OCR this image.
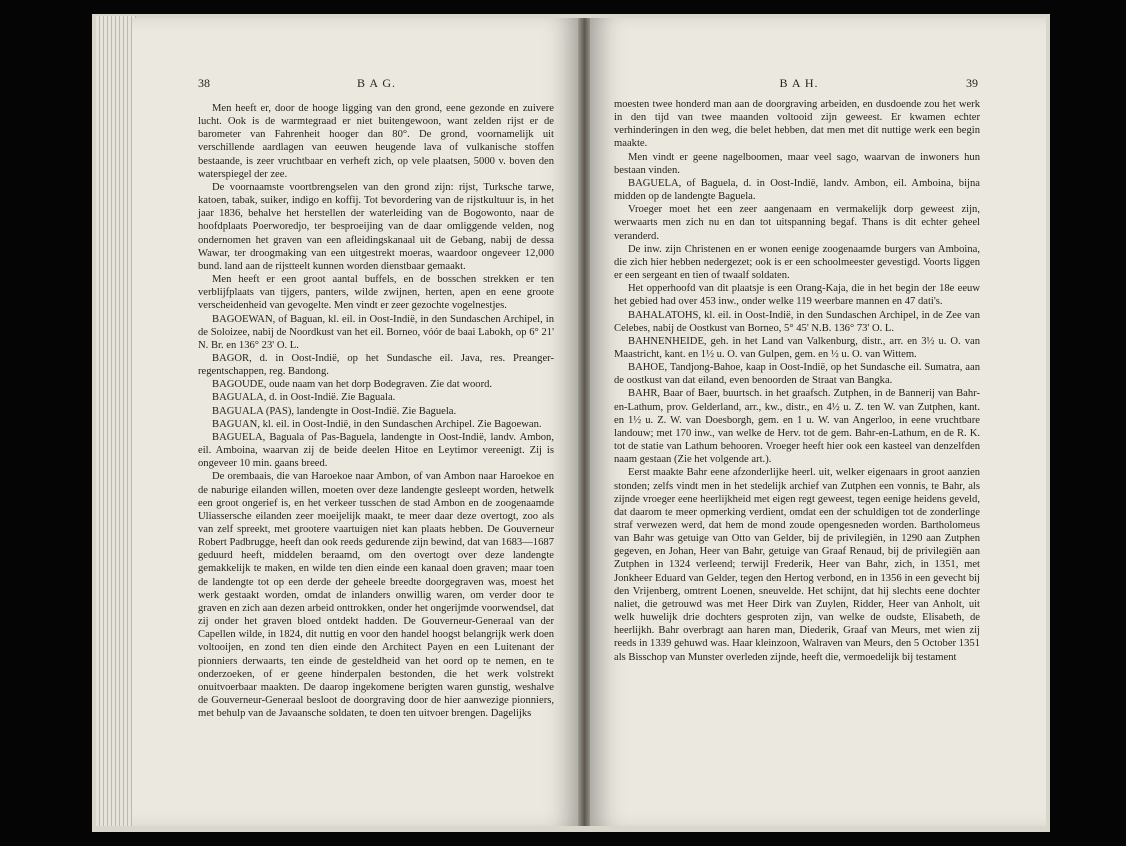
38	B A G.

Men heeft er, door de hooge ligging van den grond, eene gezonde en zuivere lucht. Ook is de warmtegraad er niet buitengewoon, want zelden rijst er de barometer van Fahrenheit hooger dan 80°. De grond, voornamelijk uit verschillende aardlagen van eeuwen heugende lava of vulkanische stoffen bestaande, is zeer vruchtbaar en verheft zich, op vele plaatsen, 5000 v. boven den waterspiegel der zee.

De voornaamste voortbrengselen van den grond zijn: rijst, Turksche tarwe, katoen, tabak, suiker, indigo en koffij. Tot bevordering van de rijstkultuur is, in het jaar 1836, behalve het herstellen der waterleiding van de Bogowonto, naar de hoofdplaats Poerworedjo, ter besproeijing van de daar omliggende velden, nog ondernomen het graven van een afleidingskanaal uit de Gebang, nabij de dessa Wawar, ter droogmaking van een uitgestrekt moeras, waardoor ongeveer 12,000 bund. land aan de rijstteelt kunnen worden dienstbaar gemaakt.

Men heeft er een groot aantal buffels, en de bosschen strekken er ten verblijfplaats van tijgers, panters, wilde zwijnen, herten, apen en eene groote verscheidenheid van gevogelte. Men vindt er zeer gezochte vogelnestjes.

BAGOEWAN, of Baguan, kl. eil. in Oost-Indië, in den Sundaschen Archipel, in de Soloizee, nabij de Noordkust van het eil. Borneo, vóór de baai Labokh, op 6° 21' N. Br. en 136° 23' O. L.

BAGOR, d. in Oost-Indië, op het Sundasche eil. Java, res. Preanger-regentschappen, reg. Bandong.

BAGOUDE, oude naam van het dorp Bodegraven. Zie dat woord.

BAGUALA, d. in Oost-Indië. Zie Baguala.

BAGUALA (PAS), landengte in Oost-Indië. Zie Baguela.

BAGUAN, kl. eil. in Oost-Indië, in den Sundaschen Archipel. Zie Bagoewan.

BAGUELA, Baguala of Pas-Baguela, landengte in Oost-Indië, landv. Ambon, eil. Amboina, waarvan zij de beide deelen Hitoe en Leytimor vereenigt. Zij is ongeveer 10 min. gaans breed.

De orembaais, die van Haroekoe naar Ambon, of van Ambon naar Haroekoe en de naburige eilanden willen, moeten over deze landengte gesleept worden, hetwelk een groot ongerief is, en het verkeer tusschen de stad Ambon en de zoogenaamde Uliassersche eilanden zeer moeijelijk maakt, te meer daar deze overtogt, zoo als van zelf spreekt, met grootere vaartuigen niet kan plaats hebben. De Gouverneur Robert Padbrugge, heeft dan ook reeds gedurende zijn bewind, dat van 1683—1687 geduurd heeft, middelen beraamd, om den overtogt over deze landengte gemakkelijk te maken, en wilde ten dien einde een kanaal doen graven; maar toen de landengte tot op een derde der geheele breedte doorgegraven was, moest het werk gestaakt worden, omdat de inlanders onwillig waren, om verder door te graven en zich aan dezen arbeid onttrokken, onder het ongerijmde voorwendsel, dat zij onder het graven bloed ontdekt hadden. De Gouverneur-Generaal van der Capellen wilde, in 1824, dit nuttig en voor den handel hoogst belangrijk werk doen voltooijen, en zond ten dien einde den Architect Payen en een Luitenant der pionniers derwaarts, ten einde de gesteldheid van het oord op te nemen, en te onderzoeken, of er geene hinderpalen bestonden, die het werk volstrekt onuitvoerbaar maakten. De daarop ingekomene berigten waren gunstig, weshalve de Gouverneur-Generaal besloot de doorgraving door de hier aanwezige pionniers, met behulp van de Javaansche soldaten, te doen ten uitvoer brengen. Dagelijks

B A H.	39

moesten twee honderd man aan de doorgraving arbeiden, en dusdoende zou het werk in den tijd van twee maanden voltooid zijn geweest. Er kwamen echter verhinderingen in den weg, die belet hebben, dat men met dit nuttige werk een begin maakte.

Men vindt er geene nagelboomen, maar veel sago, waarvan de inwoners hun bestaan vinden.

BAGUELA, of Baguela, d. in Oost-Indië, landv. Ambon, eil. Amboina, bijna midden op de landengte Baguela.

Vroeger moet het een zeer aangenaam en vermakelijk dorp geweest zijn, werwaarts men zich nu en dan tot uitspanning begaf. Thans is dit echter geheel veranderd.

De inw. zijn Christenen en er wonen eenige zoogenaamde burgers van Amboina, die zich hier hebben nedergezet; ook is er een schoolmeester gevestigd. Voorts liggen er een sergeant en tien of twaalf soldaten.

Het opperhoofd van dit plaatsje is een Orang-Kaja, die in het begin der 18e eeuw het gebied had over 453 inw., onder welke 119 weerbare mannen en 47 dati's.

BAHALATOHS, kl. eil. in Oost-Indië, in den Sundaschen Archipel, in de Zee van Celebes, nabij de Oostkust van Borneo, 5° 45' N.B. 136° 73' O. L.

BAHNENHEIDE, geh. in het Land van Valkenburg, distr., arr. en 3½ u. O. van Maastricht, kant. en 1½ u. O. van Gulpen, gem. en ½ u. O. van Wittem.

BAHOE, Tandjong-Bahoe, kaap in Oost-Indië, op het Sundasche eil. Sumatra, aan de oostkust van dat eiland, even benoorden de Straat van Bangka.

BAHR, Baar of Baer, buurtsch. in het graafsch. Zutphen, in de Bannerij van Bahr-en-Lathum, prov. Gelderland, arr., kw., distr., en 4½ u. Z. ten W. van Zutphen, kant. en 1½ u. Z. W. van Doesborgh, gem. en 1 u. W. van Angerloo, in eene vruchtbare landouw; met 170 inw., van welke de Herv. tot de gem. Bahr-en-Lathum, en de R. K. tot de statie van Lathum behooren. Vroeger heeft hier ook een kasteel van denzelfden naam gestaan (Zie het volgende art.).

Eerst maakte Bahr eene afzonderlijke heerl. uit, welker eigenaars in groot aanzien stonden; zelfs vindt men in het stedelijk archief van Zutphen een vonnis, te Bahr, als zijnde vroeger eene heerlijkheid met eigen regt geweest, tegen eenige heidens geveld, dat daarom te meer opmerking verdient, omdat een der schuldigen tot de zonderlinge straf verwezen werd, dat hem de mond zoude opengesneden worden. Bartholomeus van Bahr was getuige van Otto van Gelder, bij de privilegiën, in 1290 aan Zutphen gegeven, en Johan, Heer van Bahr, getuige van Graaf Renaud, bij de privilegiën aan Zutphen in 1324 verleend; terwijl Frederik, Heer van Bahr, zich, in 1351, met Jonkheer Eduard van Gelder, tegen den Hertog verbond, en in 1356 in een gevecht bij den Vrijenberg, omtrent Loenen, sneuvelde. Het schijnt, dat hij slechts eene dochter naliet, die getrouwd was met Heer Dirk van Zuylen, Ridder, Heer van Anholt, uit welk huwelijk drie dochters gesproten zijn, van welke de oudste, Elisabeth, de heerlijkh. Bahr overbragt aan haren man, Diederik, Graaf van Meurs, met wien zij reeds in 1339 gehuwd was. Haar kleinzoon, Walraven van Meurs, den 5 October 1351 als Bisschop van Munster overleden zijnde, heeft die, vermoedelijk bij testament
